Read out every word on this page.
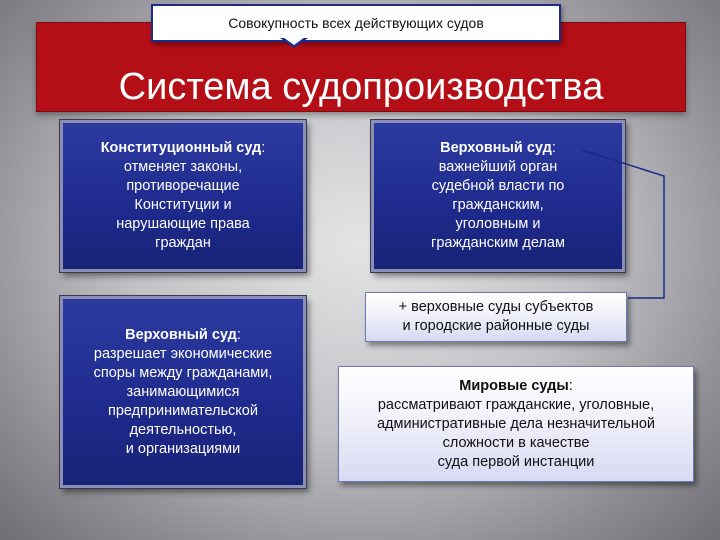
Система судопроизводства
Совокупность всех действующих судов
Конституционный суд:
отменяет законы,
противоречащие
Конституции и
нарушающие права
граждан
Верховный суд:
важнейший орган
судебной власти по
гражданским,
уголовным и
гражданским делам
Верховный суд:
разрешает экономические
споры между гражданами,
занимающимися
предпринимательской
деятельностью,
и организациями
+ верховные суды субъектов
и городские районные суды
Мировые суды:
рассматривают гражданские, уголовные,
административные дела незначительной
сложности в качестве
суда первой инстанции
